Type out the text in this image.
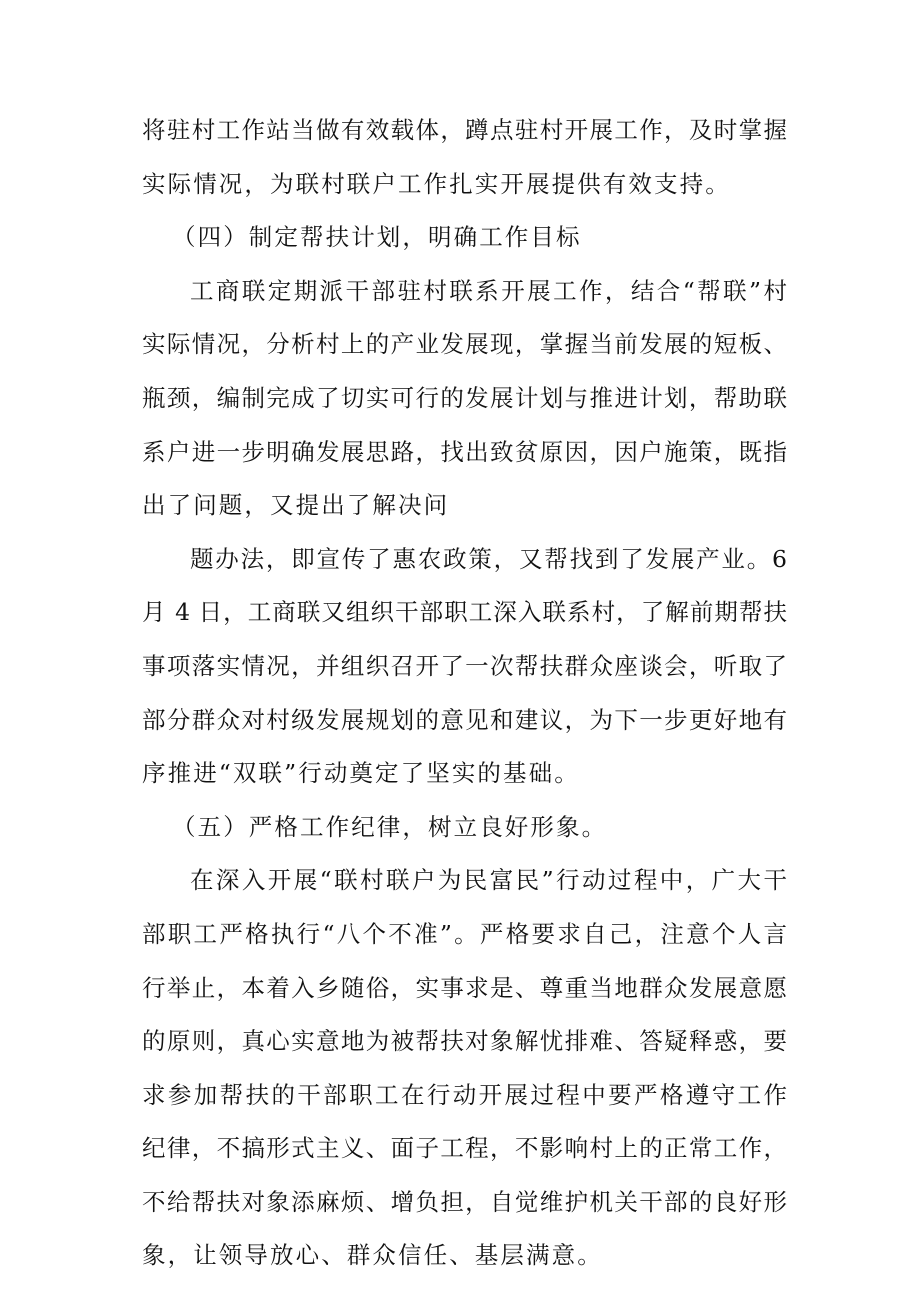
将驻村工作站当做有效载体，蹲点驻村开展工作，及时掌握
实际情况，为联村联户工作扎实开展提供有效支持。
（四）制定帮扶计划，明确工作目标
工商联定期派干部驻村联系开展工作，结合“帮联”村
实际情况，分析村上的产业发展现，掌握当前发展的短板、
瓶颈，编制完成了切实可行的发展计划与推进计划，帮助联
系户进一步明确发展思路，找出致贫原因，因户施策，既指
出了问题，又提出了解决问
题办法，即宣传了惠农政策，又帮找到了发展产业。6
月 4 日，工商联又组织干部职工深入联系村，了解前期帮扶
事项落实情况，并组织召开了一次帮扶群众座谈会，听取了
部分群众对村级发展规划的意见和建议，为下一步更好地有
序推进“双联”行动奠定了坚实的基础。
（五）严格工作纪律，树立良好形象。
在深入开展“联村联户为民富民”行动过程中，广大干
部职工严格执行“八个不准”。严格要求自己，注意个人言
行举止，本着入乡随俗，实事求是、尊重当地群众发展意愿
的原则，真心实意地为被帮扶对象解忧排难、答疑释惑，要
求参加帮扶的干部职工在行动开展过程中要严格遵守工作
纪律，不搞形式主义、面子工程，不影响村上的正常工作，
不给帮扶对象添麻烦、增负担，自觉维护机关干部的良好形
象，让领导放心、群众信任、基层满意。
